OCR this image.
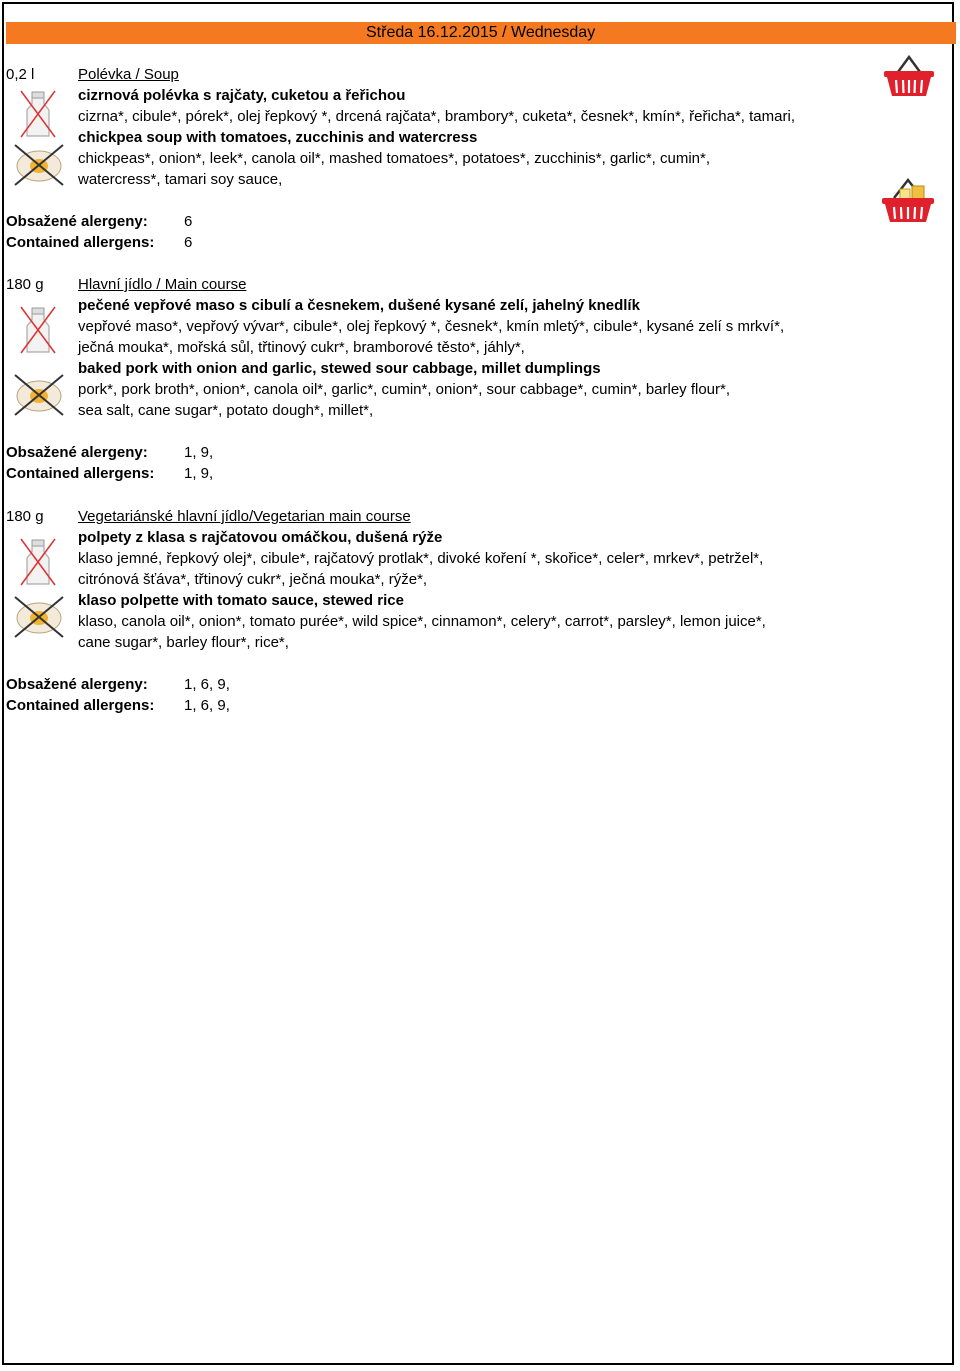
Středa 16.12.2015 / Wednesday
0,2 l	Polévka / Soup
cizrnová polévka s rajčaty, cuketou a řeřichou
cizrna*, cibule*, pórek*, olej řepkový *, drcená rajčata*, brambory*, cuketa*, česnek*, kmín*, řeřicha*, tamari,
chickpea soup with tomatoes, zucchinis and watercress
chickpeas*, onion*, leek*, canola oil*, mashed tomatoes*, potatoes*, zucchinis*, garlic*, cumin*,
watercress*, tamari soy sauce,
Obsažené alergeny: 6
Contained allergens: 6
180 g Hlavní jídlo / Main course
pečené vepřové maso s cibulí a česnekem, dušené kysané zelí, jahelný knedlík
vepřové maso*, vepřový vývar*, cibule*, olej řepkový *, česnek*, kmín mletý*, cibule*, kysané zelí s mrkví*,
ječná mouka*, mořská sůl, třtinový cukr*, bramborové těsto*, jáhly*,
baked pork with onion and garlic, stewed sour cabbage, millet dumplings
pork*, pork broth*, onion*, canola oil*, garlic*, cumin*, onion*, sour cabbage*, cumin*, barley flour*,
sea salt, cane sugar*, potato dough*, millet*,
Obsažené alergeny: 1, 9,
Contained allergens: 1, 9,
180 g Vegetariánské hlavní jídlo/Vegetarian main course
polpety z klasa s rajčatovou omáčkou, dušená rýže
klaso jemné, řepkový olej*, cibule*, rajčatový protlak*, divoké koření *, skořice*, celer*, mrkev*, petržel*,
citrónová šťáva*, třtinový cukr*, ječná mouka*, rýže*,
klaso polpette with tomato sauce, stewed rice
klaso, canola oil*, onion*, tomato purée*, wild spice*, cinnamon*, celery*, carrot*, parsley*, lemon juice*,
cane sugar*, barley flour*, rice*,
Obsažené alergeny: 1, 6, 9,
Contained allergens: 1, 6, 9,
